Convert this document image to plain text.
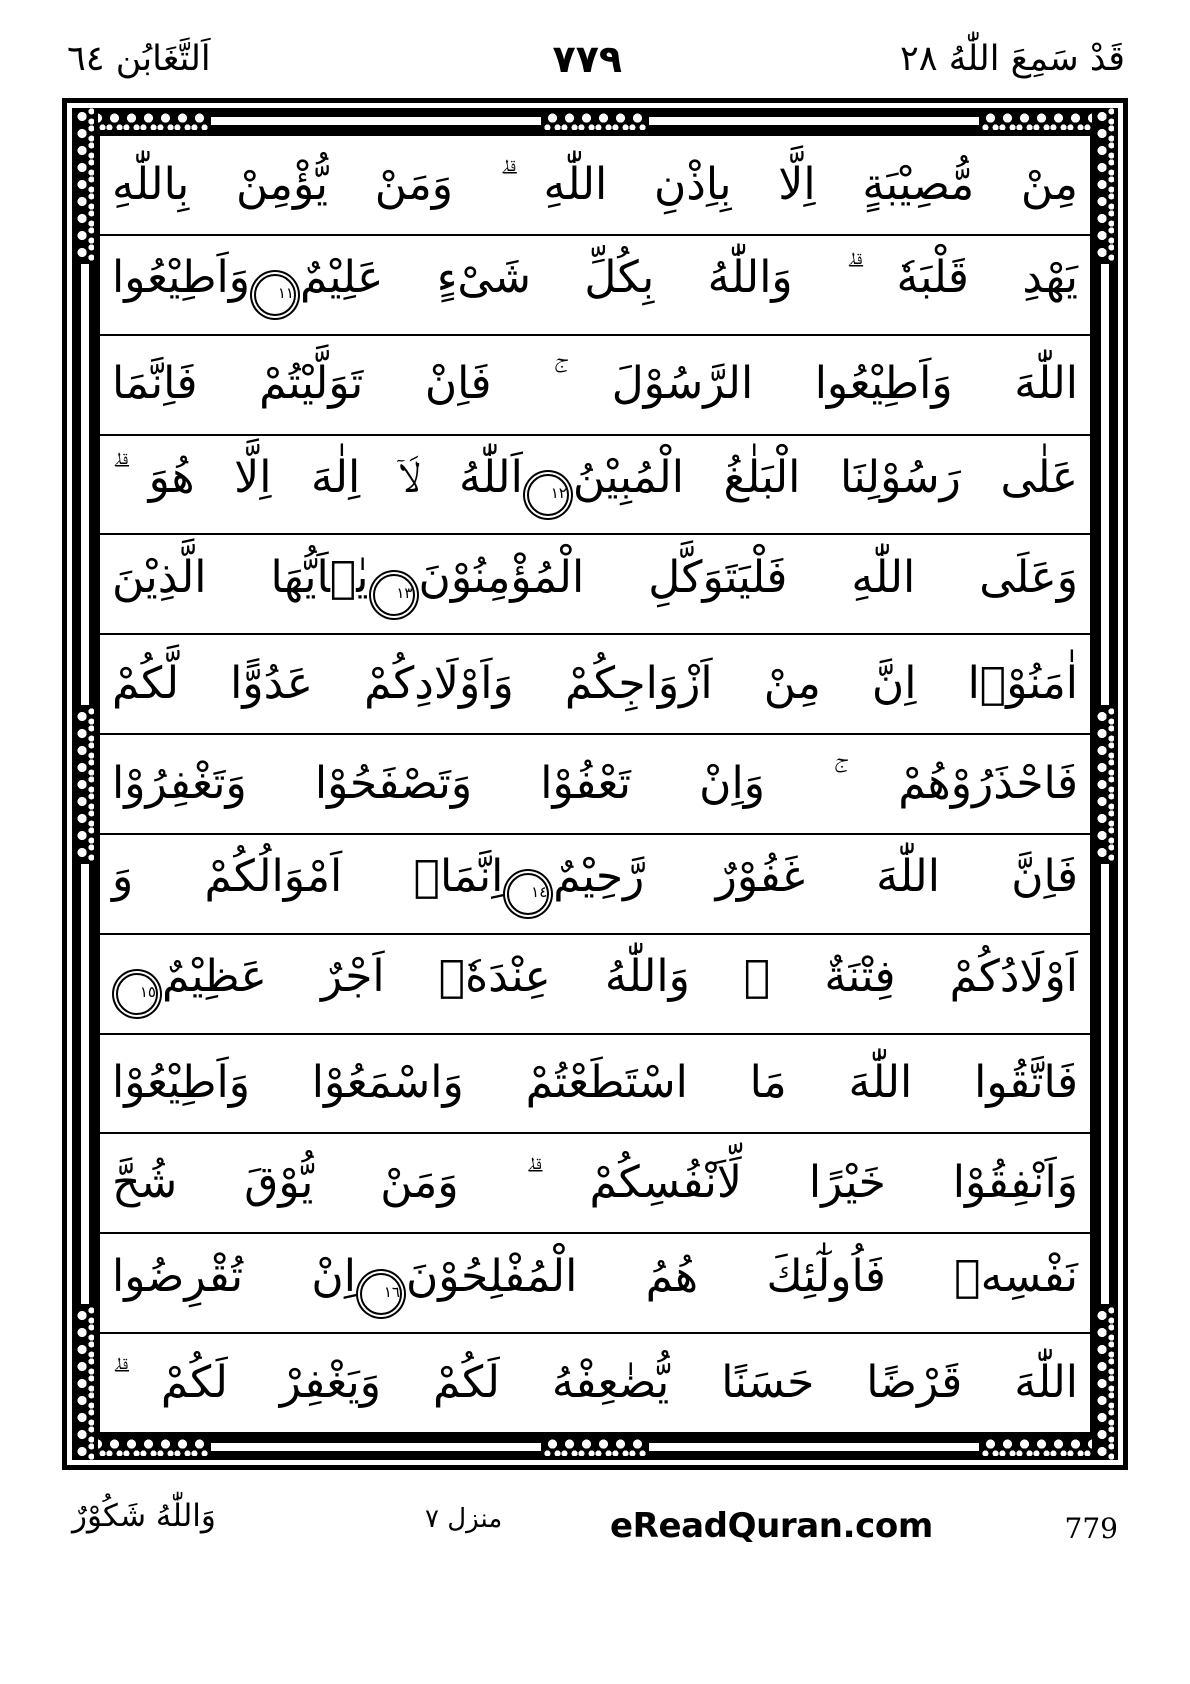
اَلتَّغَابُن ٦٤	٧٧٩	قَدْ سَمِعَ اللّٰهُ ٢٨
مِنْ مُّصِيْبَةٍ اِلَّا بِاِذْنِ اللّٰهِ ۗ وَمَنْ يُّؤْمِنْ بِاللّٰهِ
يَهْدِ قَلْبَهٗ ۗ وَاللّٰهُ بِكُلِّ شَىْءٍ عَلِيْمٌ١١وَاَطِيْعُوا
اللّٰهَ وَاَطِيْعُوا الرَّسُوْلَ ۚ فَاِنْ تَوَلَّيْتُمْ فَاِنَّمَا
عَلٰى رَسُوْلِنَا الْبَلٰغُ الْمُبِيْنُ١٢اَللّٰهُ لَاۤ اِلٰهَ اِلَّا هُوَ ۗ
وَعَلَى اللّٰهِ فَلْيَتَوَكَّلِ الْمُؤْمِنُوْنَ١٣يٰۤاَيُّهَا الَّذِيْنَ
اٰمَنُوْۤا اِنَّ مِنْ اَزْوَاجِكُمْ وَاَوْلَادِكُمْ عَدُوًّا لَّكُمْ
فَاحْذَرُوْهُمْ ۚ وَاِنْ تَعْفُوْا وَتَصْفَحُوْا وَتَغْفِرُوْا
فَاِنَّ اللّٰهَ غَفُوْرٌ رَّحِيْمٌ١٤اِنَّمَاۤ اَمْوَالُكُمْ وَ
اَوْلَادُكُمْ فِتْنَةٌ ۗ وَاللّٰهُ عِنْدَهٗۤ اَجْرٌ عَظِيْمٌ١٥
فَاتَّقُوا اللّٰهَ مَا اسْتَطَعْتُمْ وَاسْمَعُوْا وَاَطِيْعُوْا
وَاَنْفِقُوْا خَيْرًا لِّاَنْفُسِكُمْ ۗ وَمَنْ يُّوْقَ شُحَّ
نَفْسِهٖ فَاُولٰٓئِكَ هُمُ الْمُفْلِحُوْنَ١٦اِنْ تُقْرِضُوا
اللّٰهَ قَرْضًا حَسَنًا يُّضٰعِفْهُ لَكُمْ وَيَغْفِرْ لَكُمْ ۗ
وَاللّٰهُ شَكُوْرٌ	منزل ٧	eReadQuran.com	779
